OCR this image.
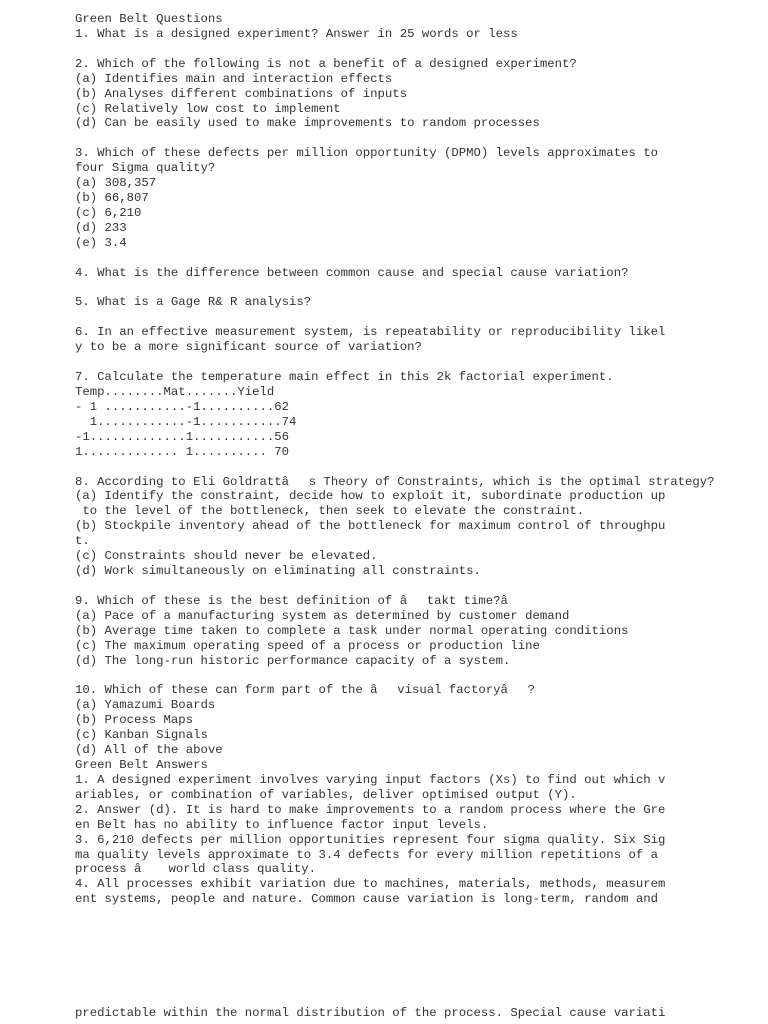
Green Belt Questions
1. What is a designed experiment? Answer in 25 words or less
2. Which of the following is not a benefit of a designed experiment?
(a) Identifies main and interaction effects
(b) Analyses different combinations of inputs
(c) Relatively low cost to implement
(d) Can be easily used to make improvements to random processes
3. Which of these defects per million opportunity (DPMO) levels approximates to
four Sigma quality?
(a) 308,357
(b) 66,807
(c) 6,210
(d) 233
(e) 3.4
4. What is the difference between common cause and special cause variation?
5. What is a Gage R& R analysis?
6. In an effective measurement system, is repeatability or reproducibility likel
y to be a more significant source of variation?
7. Calculate the temperature main effect in this 2k factorial experiment.
Temp........Mat.......Yield
- 1 ...........-1..........62
1............-1...........74
-1.............1...........56
1............. 1.......... 70
8. According to Eli Goldrattâs Theory of Constraints, which is the optimal strategy?
(a) Identify the constraint, decide how to exploit it, subordinate production up
to the level of the bottleneck, then seek to elevate the constraint.
(b) Stockpile inventory ahead of the bottleneck for maximum control of throughpu
t.
(c) Constraints should never be elevated.
(d) Work simultaneously on eliminating all constraints.
9. Which of these is the best definition of âtakt time?â
(a) Pace of a manufacturing system as determined by customer demand
(b) Average time taken to complete a task under normal operating conditions
(c) The maximum operating speed of a process or production line
(d) The long-run historic performance capacity of a system.
10. Which of these can form part of the âvisual factoryâ?
(a) Yamazumi Boards
(b) Process Maps
(c) Kanban Signals
(d) All of the above
Green Belt Answers
1. A designed experiment involves varying input factors (Xs) to find out which v
ariables, or combination of variables, deliver optimised output (Y).
2. Answer (d). It is hard to make improvements to a random process where the Gre
en Belt has no ability to influence factor input levels.
3. 6,210 defects per million opportunities represent four sigma quality. Six Sig
ma quality levels approximate to 3.4 defects for every million repetitions of a
process â world class quality.
4. All processes exhibit variation due to machines, materials, methods, measurem
ent systems, people and nature. Common cause variation is long-term, random and
predictable within the normal distribution of the process. Special cause variati
